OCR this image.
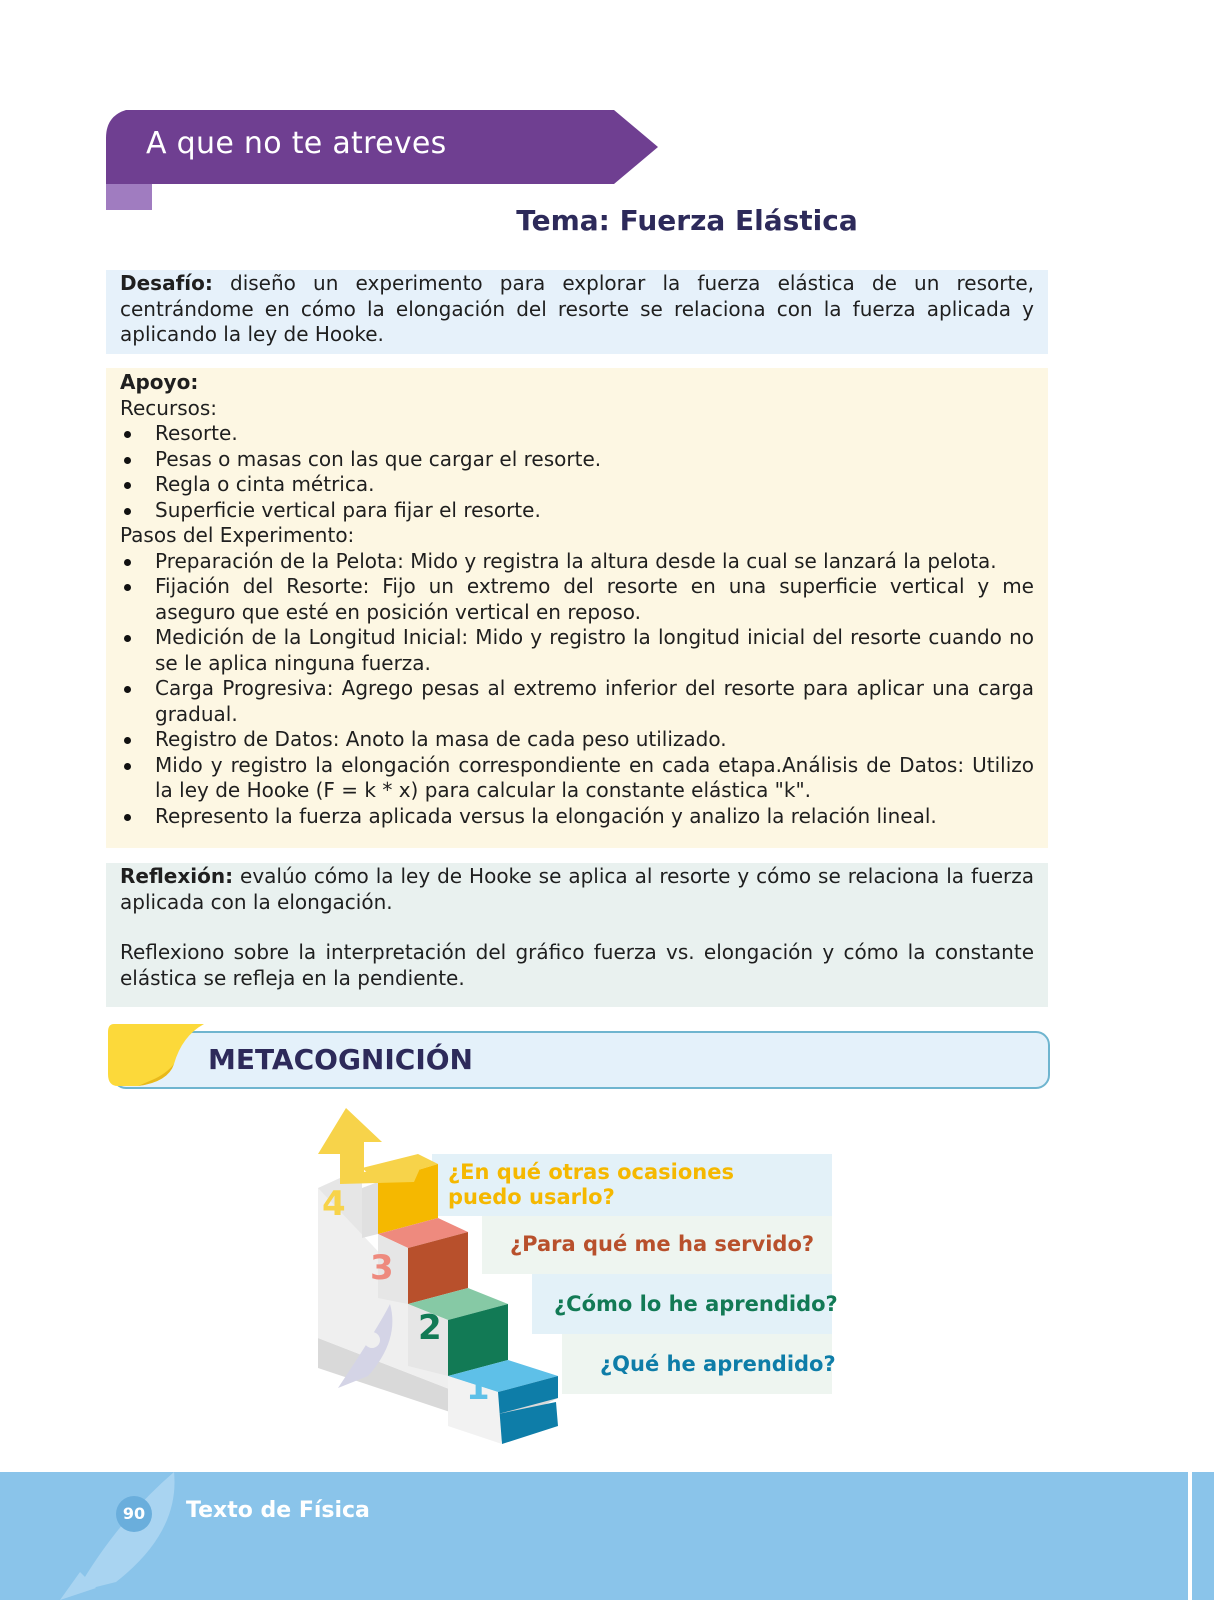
A que no te atreves
Tema: Fuerza Elástica
Desafío: diseño un experimento para explorar la fuerza elástica de un resorte, centrándome en cómo la elongación del resorte se relaciona con la fuerza aplicada y aplicando la ley de Hooke.
Apoyo:
Recursos:
Resorte.
Pesas o masas con las que cargar el resorte.
Regla o cinta métrica.
Superficie vertical para fijar el resorte.
Pasos del Experimento:
Preparación de la Pelota: Mido y registra la altura desde la cual se lanzará la pelota.
Fijación del Resorte: Fijo un extremo del resorte en una superficie vertical y me aseguro que esté en posición vertical en reposo.
Medición de la Longitud Inicial: Mido y registro la longitud inicial del resorte cuando no se le aplica ninguna fuerza.
Carga Progresiva: Agrego pesas al extremo inferior del resorte para aplicar una carga gradual.
Registro de Datos: Anoto la masa de cada peso utilizado.
Mido y registro la elongación correspondiente en cada etapa.Análisis de Datos: Utilizo la ley de Hooke (F = k * x) para calcular la constante elástica "k".
Represento la fuerza aplicada versus la elongación y analizo la relación lineal.
Reflexión: evalúo cómo la ley de Hooke se aplica al resorte y cómo se relaciona la fuerza aplicada con la elongación.
Reflexiono sobre la interpretación del gráfico fuerza vs. elongación y cómo la constante elástica se refleja en la pendiente.
METACOGNICIÓN
4
3
2
1
¿En qué otras ocasiones puedo usarlo?
¿Para qué me ha servido?
¿Cómo lo he aprendido?
¿Qué he aprendido?
90	Texto de Física
